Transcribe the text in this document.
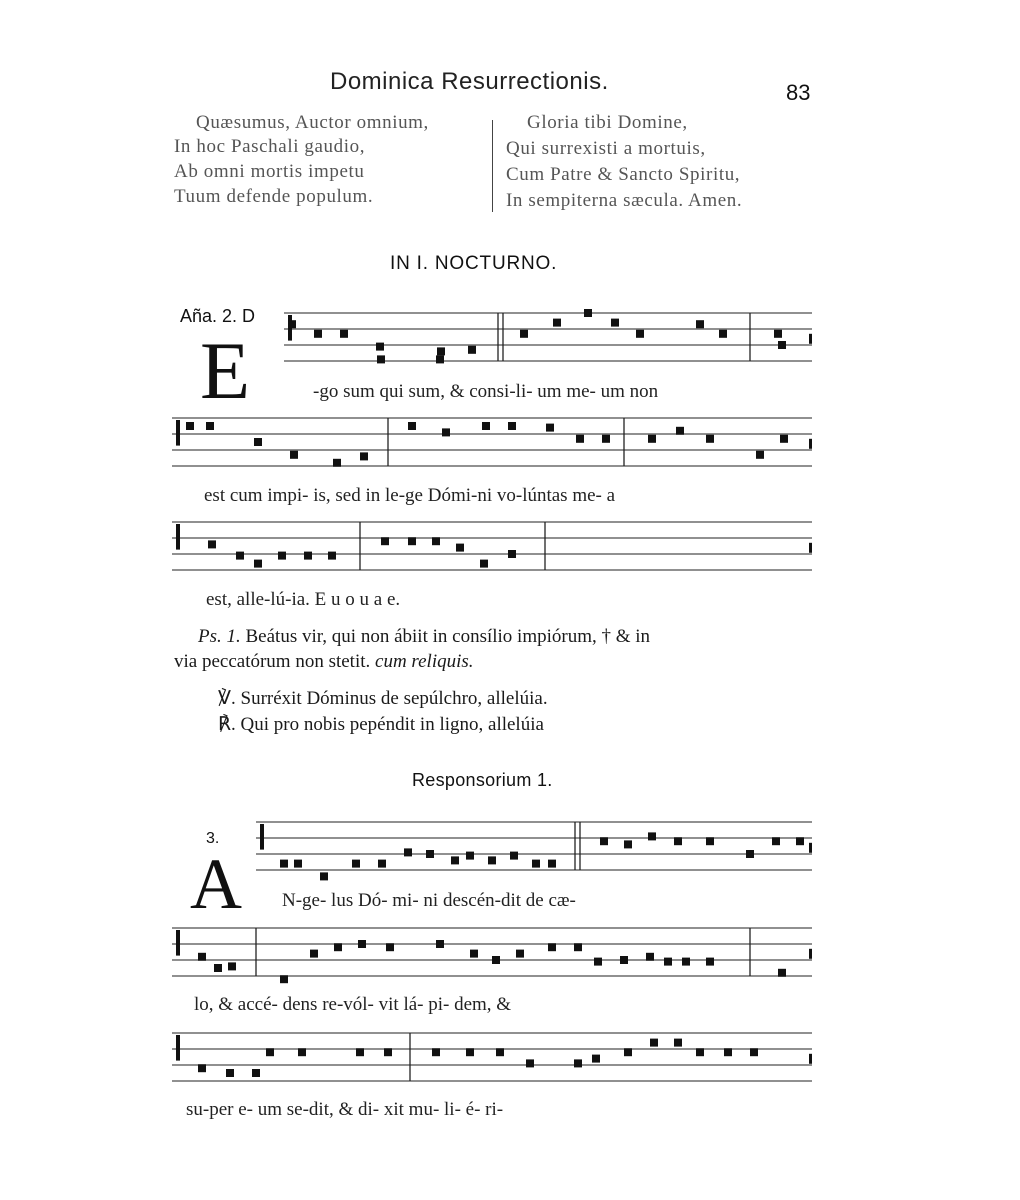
Dominica Resurrectionis.	83
Quæsumus, Auctor omnium,
In hoc Paschali gaudio,
Ab omni mortis impetu
Tuum defende populum.
Gloria tibi Domine,
Qui surrexisti a mortuis,
Cum Patre & Sancto Spiritu,
In sempiterna sæcula. Amen.
IN I. NOCTURNO.
Aña. 2. D
E	-go sum qui sum, & consi-li- um me- um non
est cum impi- is, sed in le-ge Dómi-ni vo-lúntas me- a
est, alle-lú-ia. E u o u a e.
Ps. 1. Beátus vir, qui non ábiit in consílio impiórum, † & in
via peccatórum non stetit. cum reliquis.
℣. Surréxit Dóminus de sepúlchro, allelúia.
℟. Qui pro nobis pepéndit in ligno, allelúia
Responsorium 1.
3.
A N-ge- lus Dó- mi- ni descén-dit de cæ-
lo, & accé- dens re-vól- vit lá- pi- dem, &
su-per e- um se-dit, & di- xit mu- li- é- ri-
